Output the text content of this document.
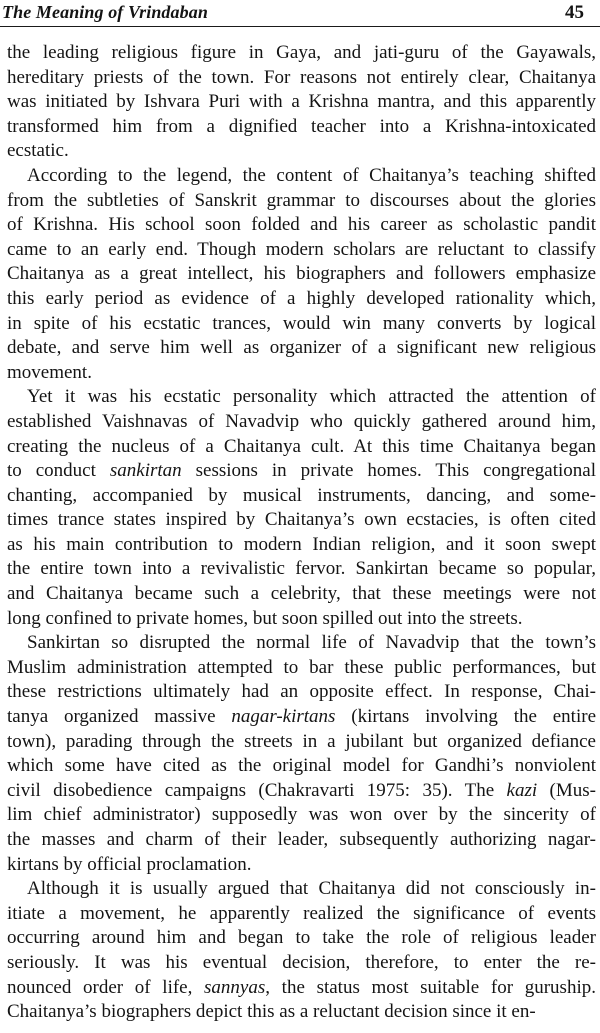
The Meaning of Vrindaban	45
the leading religious figure in Gaya, and jati-guru of the Gayawals,
hereditary priests of the town. For reasons not entirely clear, Chaitanya
was initiated by Ishvara Puri with a Krishna mantra, and this apparently
transformed him from a dignified teacher into a Krishna-intoxicated
ecstatic.
According to the legend, the content of Chaitanya’s teaching shifted
from the subtleties of Sanskrit grammar to discourses about the glories
of Krishna. His school soon folded and his career as scholastic pandit
came to an early end. Though modern scholars are reluctant to classify
Chaitanya as a great intellect, his biographers and followers emphasize
this early period as evidence of a highly developed rationality which,
in spite of his ecstatic trances, would win many converts by logical
debate, and serve him well as organizer of a significant new religious
movement.
Yet it was his ecstatic personality which attracted the attention of
established Vaishnavas of Navadvip who quickly gathered around him,
creating the nucleus of a Chaitanya cult. At this time Chaitanya began
to conduct sankirtan sessions in private homes. This congregational
chanting, accompanied by musical instruments, dancing, and some-
times trance states inspired by Chaitanya’s own ecstacies, is often cited
as his main contribution to modern Indian religion, and it soon swept
the entire town into a revivalistic fervor. Sankirtan became so popular,
and Chaitanya became such a celebrity, that these meetings were not
long confined to private homes, but soon spilled out into the streets.
Sankirtan so disrupted the normal life of Navadvip that the town’s
Muslim administration attempted to bar these public performances, but
these restrictions ultimately had an opposite effect. In response, Chai-
tanya organized massive nagar-kirtans (kirtans involving the entire
town), parading through the streets in a jubilant but organized defiance
which some have cited as the original model for Gandhi’s nonviolent
civil disobedience campaigns (Chakravarti 1975: 35). The kazi (Mus-
lim chief administrator) supposedly was won over by the sincerity of
the masses and charm of their leader, subsequently authorizing nagar-
kirtans by official proclamation.
Although it is usually argued that Chaitanya did not consciously in-
itiate a movement, he apparently realized the significance of events
occurring around him and began to take the role of religious leader
seriously. It was his eventual decision, therefore, to enter the re-
nounced order of life, sannyas, the status most suitable for guruship.
Chaitanya’s biographers depict this as a reluctant decision since it en-
